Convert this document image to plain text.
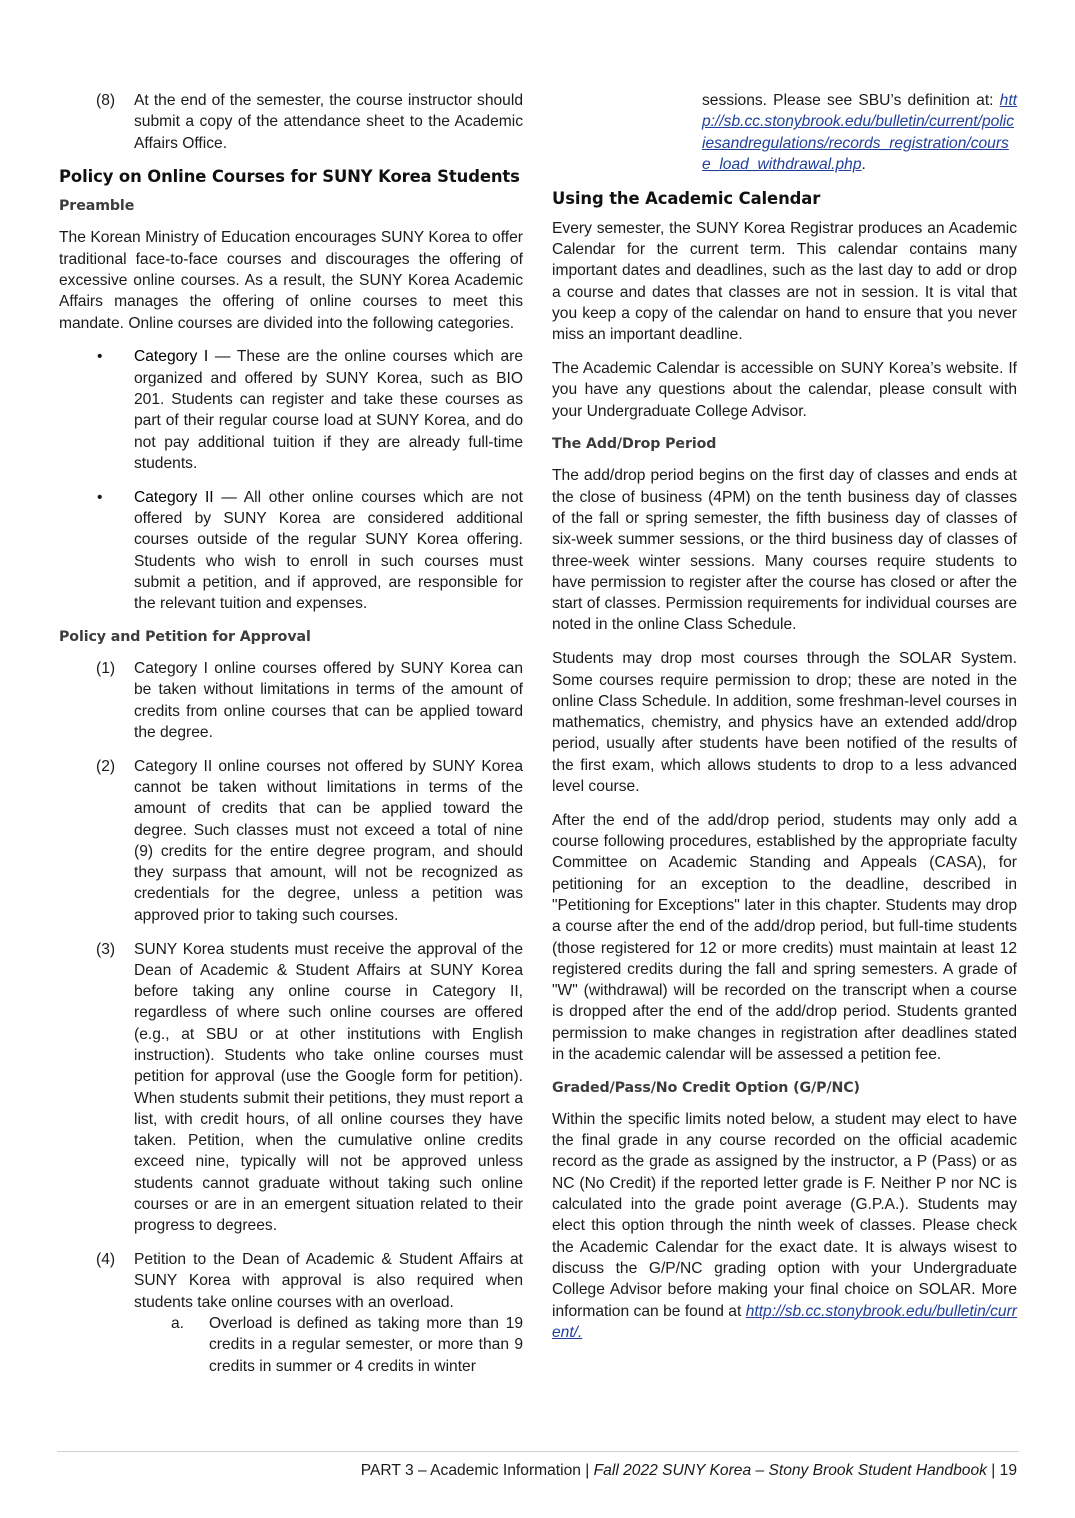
(8) At the end of the semester, the course instructor should submit a copy of the attendance sheet to the Academic Affairs Office.

Policy on Online Courses for SUNY Korea Students
Preamble

The Korean Ministry of Education encourages SUNY Korea to offer traditional face-to-face courses and discourages the offering of excessive online courses. As a result, the SUNY Korea Academic Affairs manages the offering of online courses to meet this mandate. Online courses are divided into the following categories.

• Category I — These are the online courses which are organized and offered by SUNY Korea, such as BIO 201. Students can register and take these courses as part of their regular course load at SUNY Korea, and do not pay additional tuition if they are already full-time students.

• Category II — All other online courses which are not offered by SUNY Korea are considered additional courses outside of the regular SUNY Korea offering. Students who wish to enroll in such courses must submit a petition, and if approved, are responsible for the relevant tuition and expenses.

Policy and Petition for Approval
(1) Category I online courses offered by SUNY Korea can be taken without limitations in terms of the amount of credits from online courses that can be applied toward the degree.

(2) Category II online courses not offered by SUNY Korea cannot be taken without limitations in terms of the amount of credits that can be applied toward the degree. Such classes must not exceed a total of nine (9) credits for the entire degree program, and should they surpass that amount, will not be recognized as credentials for the degree, unless a petition was approved prior to taking such courses.

(3) SUNY Korea students must receive the approval of the Dean of Academic & Student Affairs at SUNY Korea before taking any online course in Category II, regardless of where such online courses are offered (e.g., at SBU or at other institutions with English instruction). Students who take online courses must petition for approval (use the Google form for petition). When students submit their petitions, they must report a list, with credit hours, of all online courses they have taken. Petition, when the cumulative online credits exceed nine, typically will not be approved unless students cannot graduate without taking such online courses or are in an emergent situation related to their progress to degrees.

(4) Petition to the Dean of Academic & Student Affairs at SUNY Korea with approval is also required when students take online courses with an overload.

a. Overload is defined as taking more than 19 credits in a regular semester, or more than 9 credits in summer or 4 credits in winter

sessions. Please see SBU’s definition at: http://sb.cc.stonybrook.edu/bulletin/current/policiesandregulations/records_registration/course_load_withdrawal.php.

Using the Academic Calendar

Every semester, the SUNY Korea Registrar produces an Academic Calendar for the current term. This calendar contains many important dates and deadlines, such as the last day to add or drop a course and dates that classes are not in session. It is vital that you keep a copy of the calendar on hand to ensure that you never miss an important deadline.

The Academic Calendar is accessible on SUNY Korea’s website. If you have any questions about the calendar, please consult with your Undergraduate College Advisor.

The Add/Drop Period

The add/drop period begins on the first day of classes and ends at the close of business (4PM) on the tenth business day of classes of the fall or spring semester, the fifth business day of classes of six-week summer sessions, or the third business day of classes of three-week winter sessions. Many courses require students to have permission to register after the course has closed or after the start of classes. Permission requirements for individual courses are noted in the online Class Schedule.

Students may drop most courses through the SOLAR System. Some courses require permission to drop; these are noted in the online Class Schedule. In addition, some freshman-level courses in mathematics, chemistry, and physics have an extended add/drop period, usually after students have been notified of the results of the first exam, which allows students to drop to a less advanced level course.

After the end of the add/drop period, students may only add a course following procedures, established by the appropriate faculty Committee on Academic Standing and Appeals (CASA), for petitioning for an exception to the deadline, described in "Petitioning for Exceptions" later in this chapter. Students may drop a course after the end of the add/drop period, but full-time students (those registered for 12 or more credits) must maintain at least 12 registered credits during the fall and spring semesters. A grade of "W" (withdrawal) will be recorded on the transcript when a course is dropped after the end of the add/drop period. Students granted permission to make changes in registration after deadlines stated in the academic calendar will be assessed a petition fee.

Graded/Pass/No Credit Option (G/P/NC)

Within the specific limits noted below, a student may elect to have the final grade in any course recorded on the official academic record as the grade as assigned by the instructor, a P (Pass) or as NC (No Credit) if the reported letter grade is F. Neither P nor NC is calculated into the grade point average (G.P.A.). Students may elect this option through the ninth week of classes. Please check the Academic Calendar for the exact date. It is always wisest to discuss the G/P/NC grading option with your Undergraduate College Advisor before making your final choice on SOLAR. More information can be found at http://sb.cc.stonybrook.edu/bulletin/current/.

PART 3 – Academic Information | Fall 2022 SUNY Korea – Stony Brook Student Handbook | 19
